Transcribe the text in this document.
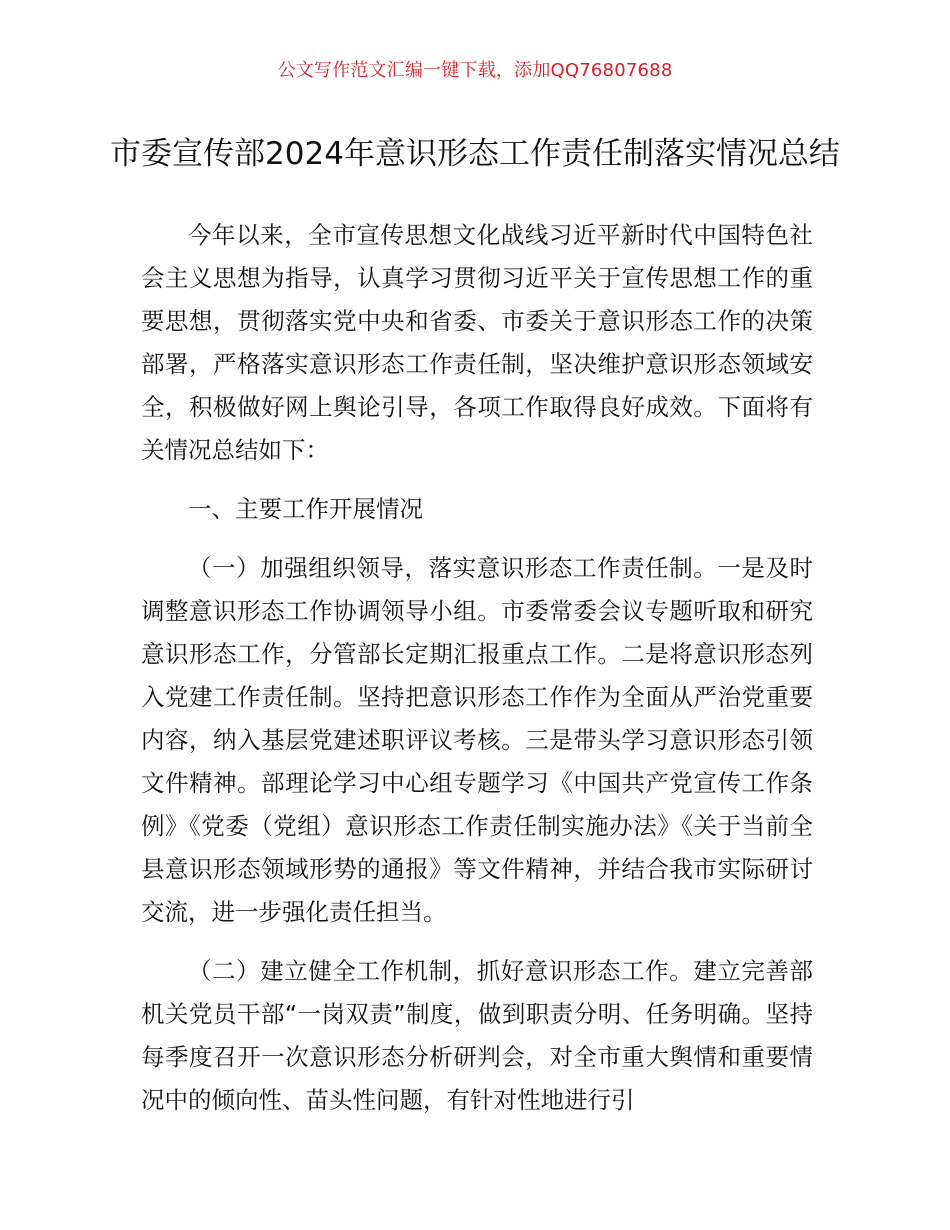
公文写作范文汇编一键下载，添加QQ76807688
市委宣传部2024年意识形态工作责任制落实情况总结

今年以来，全市宣传思想文化战线习近平新时代中国特色社会主义思想为指导，认真学习贯彻习近平关于宣传思想工作的重要思想，贯彻落实党中央和省委、市委关于意识形态工作的决策部署，严格落实意识形态工作责任制，坚决维护意识形态领域安全，积极做好网上舆论引导，各项工作取得良好成效。下面将有关情况总结如下：

一、主要工作开展情况

（一）加强组织领导，落实意识形态工作责任制。一是及时调整意识形态工作协调领导小组。市委常委会议专题听取和研究意识形态工作，分管部长定期汇报重点工作。二是将意识形态列入党建工作责任制。坚持把意识形态工作作为全面从严治党重要内容，纳入基层党建述职评议考核。三是带头学习意识形态引领文件精神。部理论学习中心组专题学习《中国共产党宣传工作条例》《党委（党组）意识形态工作责任制实施办法》《关于当前全县意识形态领域形势的通报》等文件精神，并结合我市实际研讨交流，进一步强化责任担当。

（二）建立健全工作机制，抓好意识形态工作。建立完善部机关党员干部“一岗双责”制度，做到职责分明、任务明确。坚持每季度召开一次意识形态分析研判会，对全市重大舆情和重要情况中的倾向性、苗头性问题，有针对性地进行引
